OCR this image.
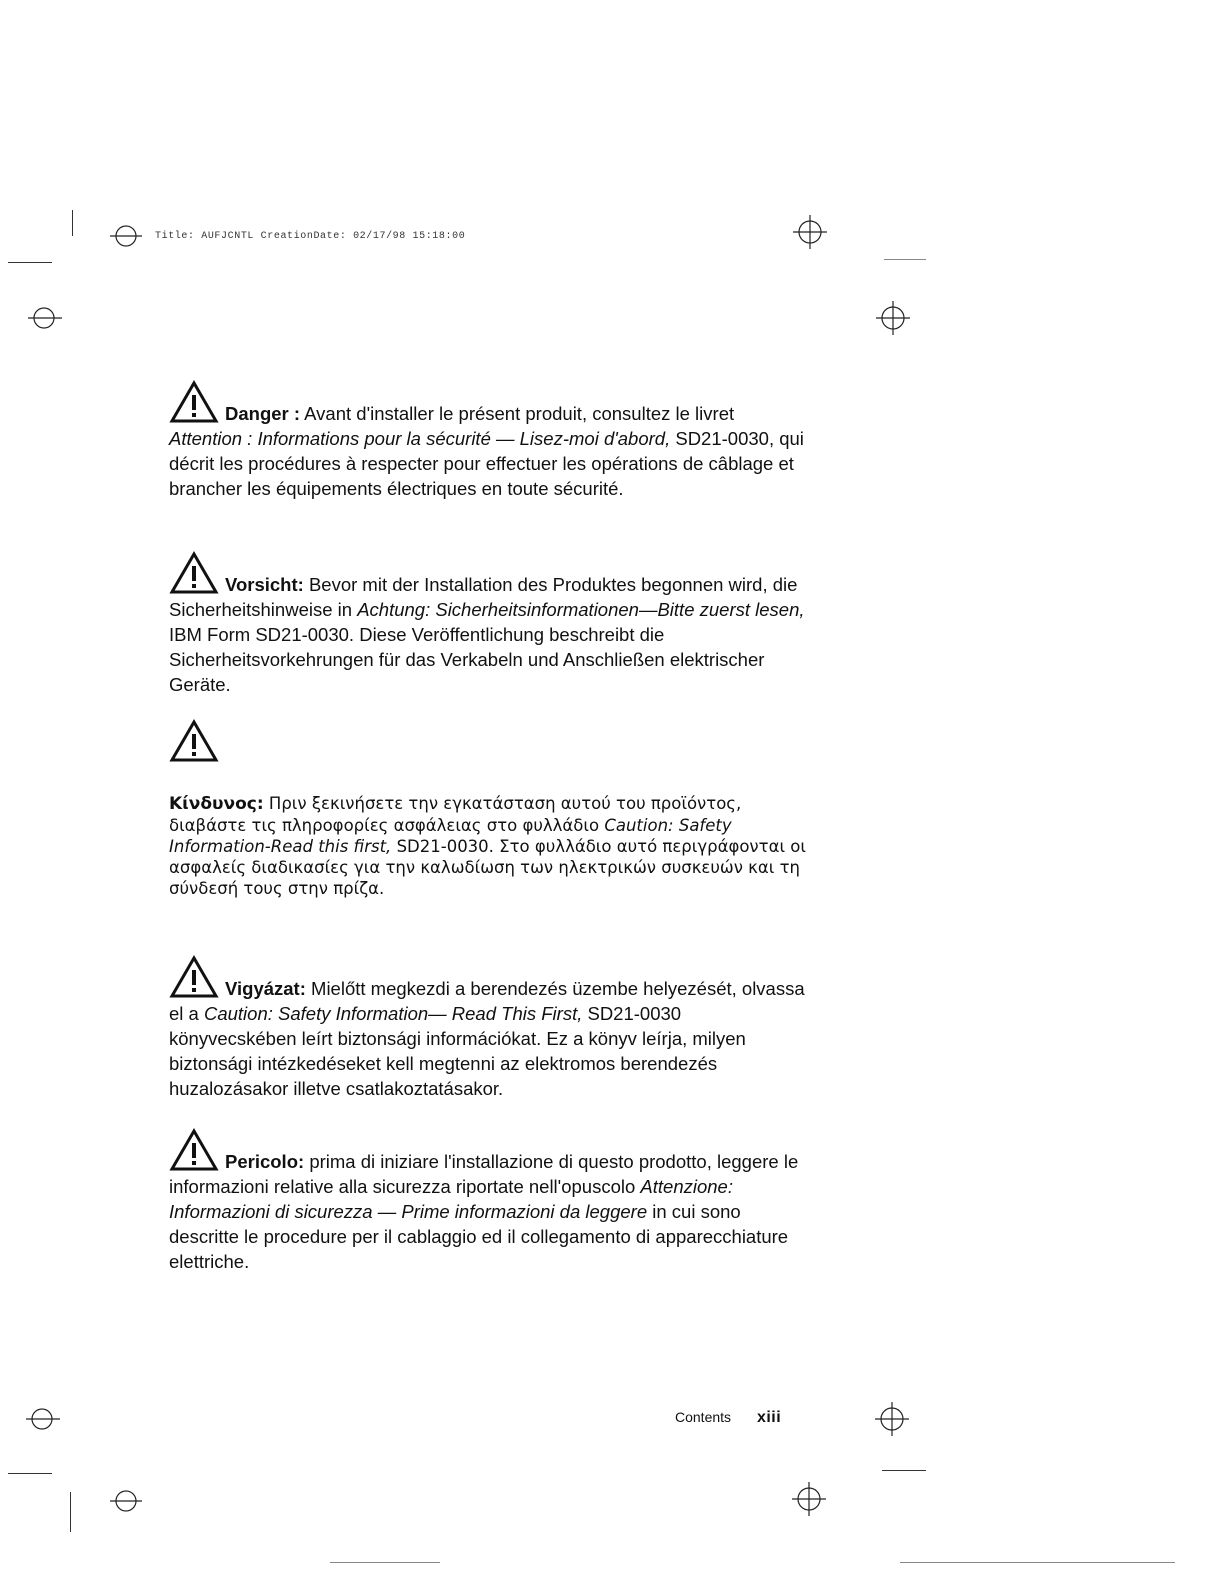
Title: AUFJCNTL CreationDate: 02/17/98 15:18:00

Danger : Avant d'installer le présent produit, consultez le livret Attention : Informations pour la sécurité — Lisez-moi d'abord, SD21-0030, qui décrit les procédures à respecter pour effectuer les opérations de câblage et brancher les équipements électriques en toute sécurité.

Vorsicht: Bevor mit der Installation des Produktes begonnen wird, die Sicherheitshinweise in Achtung: Sicherheitsinformationen—Bitte zuerst lesen, IBM Form SD21-0030. Diese Veröffentlichung beschreibt die Sicherheitsvorkehrungen für das Verkabeln und Anschließen elektrischer Geräte.

Κίνδυνος: Πριν ξεκινήσετε την εγκατάσταση αυτού του προϊόντος, διαβάστε τις πληροφορίες ασφάλειας στο φυλλάδιο Caution: Safety Information-Read this first, SD21-0030. Στο φυλλάδιο αυτό περιγράφονται οι ασφαλείς διαδικασίες για την καλωδίωση των ηλεκτρικών συσκευών και τη σύνδεσή τους στην πρίζα.

Vigyázat: Mielőtt megkezdi a berendezés üzembe helyezését, olvassa el a Caution: Safety Information— Read This First, SD21-0030 könyvecskében leírt biztonsági információkat. Ez a könyv leírja, milyen biztonsági intézkedéseket kell megtenni az elektromos berendezés huzalozásakor illetve csatlakoztatásakor.

Pericolo: prima di iniziare l'installazione di questo prodotto, leggere le informazioni relative alla sicurezza riportate nell'opuscolo Attenzione: Informazioni di sicurezza — Prime informazioni da leggere in cui sono descritte le procedure per il cablaggio ed il collegamento di apparecchiature elettriche.

Contents xiii
